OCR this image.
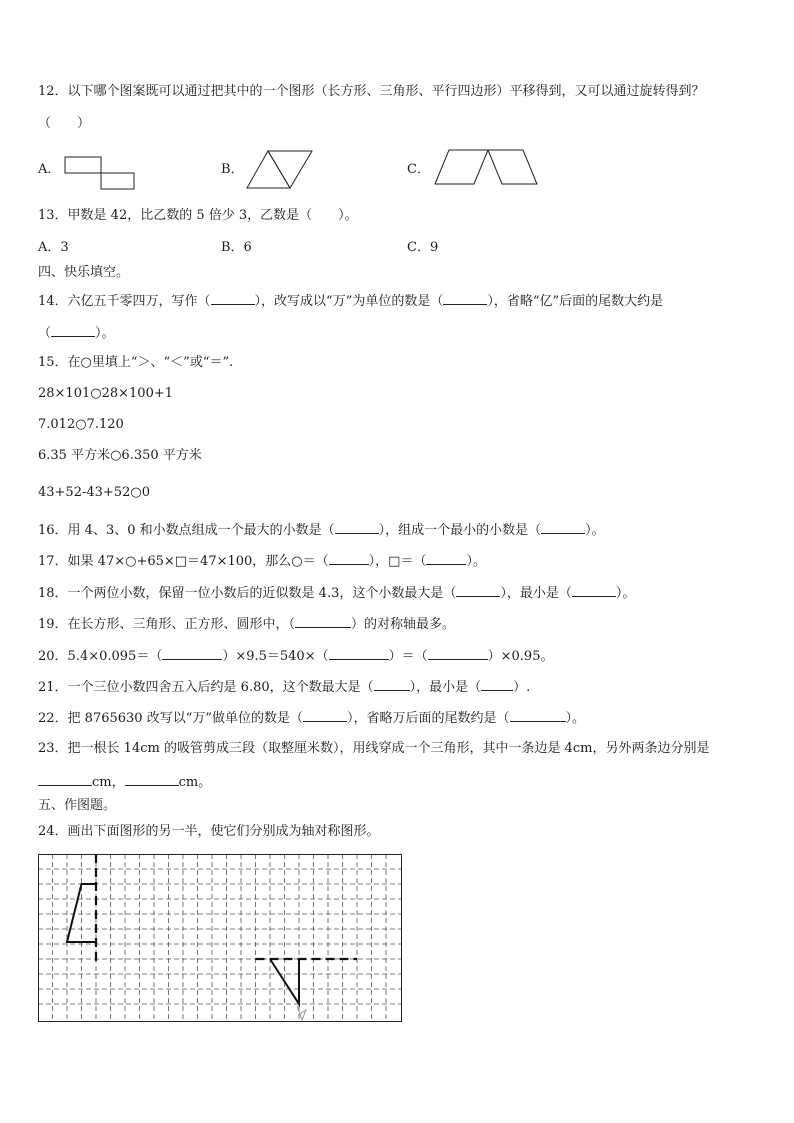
12．以下哪个图案既可以通过把其中的一个图形（长方形、三角形、平行四边形）平移得到，又可以通过旋转得到？
（　　）
A．	B．	C．
13．甲数是 42，比乙数的 5 倍少 3，乙数是（　　）。
A．3	B．6	C．9
四、快乐填空。
14．六亿五千零四万，写作（	），改写成以“万”为单位的数是（	），省略“亿”后面的尾数大约是
（	）。
15．在○里填上“＞、“＜”或“＝”.
28×101○28×100+1
7.012○7.120
6.35 平方米○6.350 平方米
43+52-43+52○0
16．用 4、3、0 和小数点组成一个最大的小数是（	），组成一个最小的小数是（	）。
17．如果 47×○+65×□＝47×100，那么○＝（	），□＝（	）。
18．一个两位小数，保留一位小数后的近似数是 4.3，这个小数最大是（	），最小是（	）。
19．在长方形、三角形、正方形、圆形中，（	）的对称轴最多。
20．5.4×0.095＝（	）×9.5＝540×（	）＝（	）×0.95。
21．一个三位小数四舍五入后约是 6.80，这个数最大是（	），最小是（ ）.
22．把 8765630 改写以“万”做单位的数是（	），省略万后面的尾数约是（	）。
23．把一根长 14cm 的吸管剪成三段（取整厘米数），用线穿成一个三角形，其中一条边是 4cm，另外两条边分别是
cm，	cm。
五、作图题。
24．画出下面图形的另一半，使它们分别成为轴对称图形。
